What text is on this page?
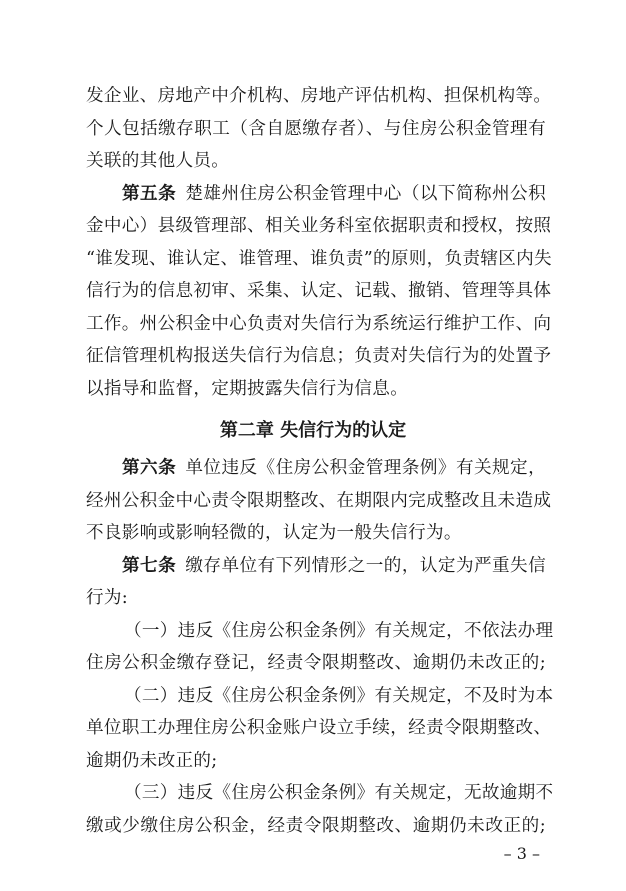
发企业、房地产中介机构、房地产评估机构、担保机构等。
个人包括缴存职工（含自愿缴存者）、与住房公积金管理有
关联的其他人员。
第五条  楚雄州住房公积金管理中心（以下简称州公积
金中心）县级管理部、相关业务科室依据职责和授权，按照
“谁发现、谁认定、谁管理、谁负责”的原则，负责辖区内失
信行为的信息初审、采集、认定、记载、撤销、管理等具体
工作。州公积金中心负责对失信行为系统运行维护工作、向
征信管理机构报送失信行为信息；负责对失信行为的处置予
以指导和监督，定期披露失信行为信息。
第二章 失信行为的认定
第六条  单位违反《住房公积金管理条例》有关规定，
经州公积金中心责令限期整改、在期限内完成整改且未造成
不良影响或影响轻微的，认定为一般失信行为。
第七条  缴存单位有下列情形之一的，认定为严重失信
行为:
（一）违反《住房公积金条例》有关规定，不依法办理
住房公积金缴存登记，经责令限期整改、逾期仍未改正的;
（二）违反《住房公积金条例》有关规定，不及时为本
单位职工办理住房公积金账户设立手续，经责令限期整改、
逾期仍未改正的;
（三）违反《住房公积金条例》有关规定，无故逾期不
缴或少缴住房公积金，经责令限期整改、逾期仍未改正的;
– 3 –
